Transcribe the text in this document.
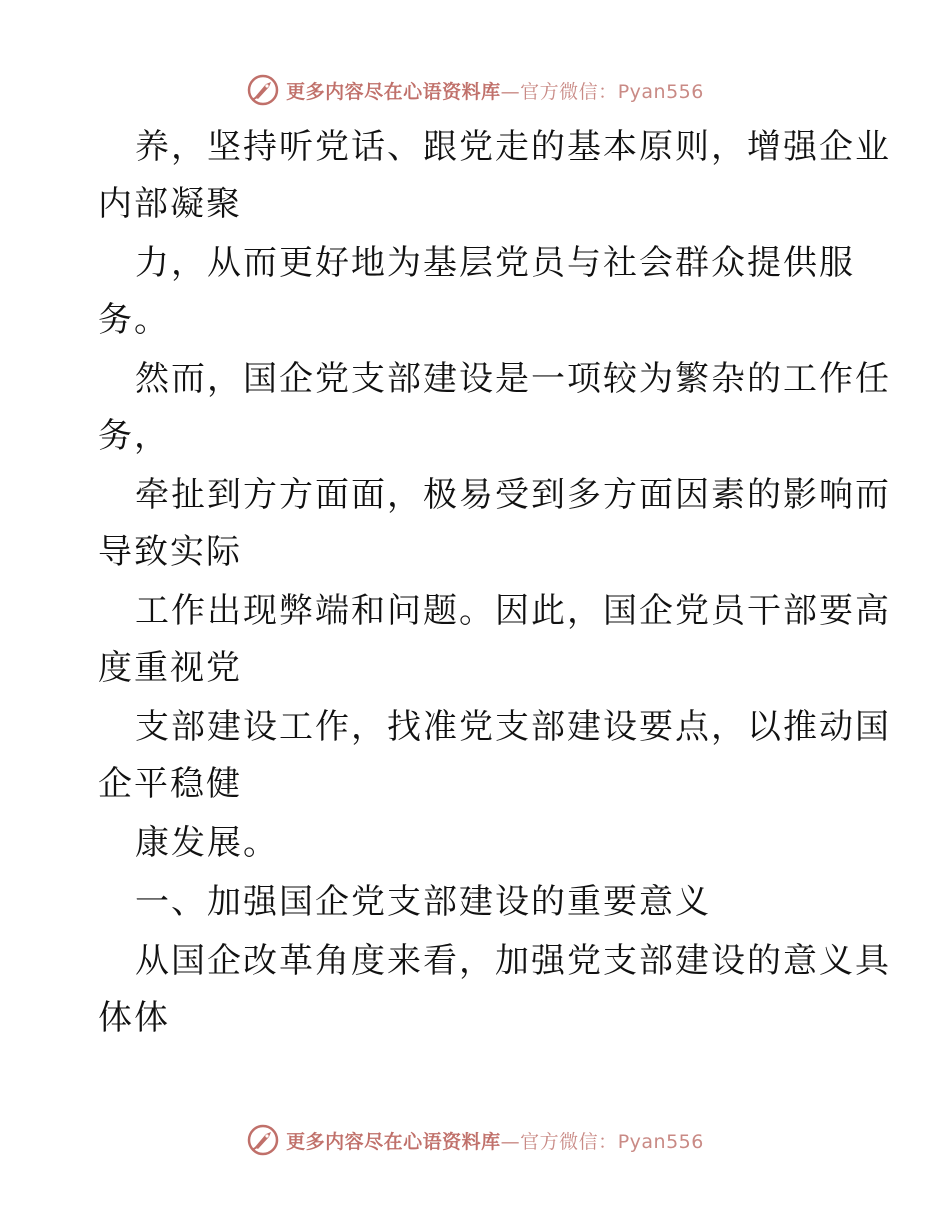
更多内容尽在心语资料库—官方微信：Pyan556
养，坚持听党话、跟党走的基本原则，增强企业
内部凝聚
力，从而更好地为基层党员与社会群众提供服
务。
然而，国企党支部建设是一项较为繁杂的工作任
务，
牵扯到方方面面，极易受到多方面因素的影响而
导致实际
工作出现弊端和问题。因此，国企党员干部要高
度重视党
支部建设工作，找准党支部建设要点，以推动国
企平稳健
康发展。
一、加强国企党支部建设的重要意义
从国企改革角度来看，加强党支部建设的意义具
体体
更多内容尽在心语资料库—官方微信：Pyan556
